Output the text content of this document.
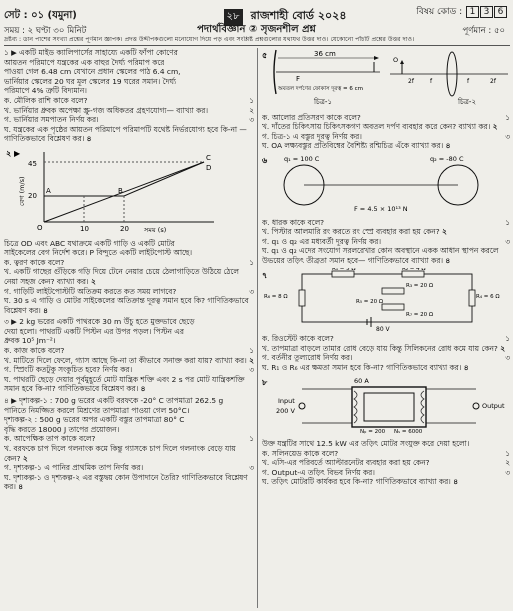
সেট : ০১ (যমুনা)	২৮ রাজশাহী বোর্ড ২০২৪	বিষয় কোড : 1 3 6
সময় : ২ ঘণ্টা ৩০ মিনিট	পদার্থবিজ্ঞান ② সৃজনশীল প্রশ্ন	পূর্ণমান : ৫০
দ্রষ্টব্য : ডান পাশের সংখ্যা প্রশ্নের পূর্ণমান জ্ঞাপক। প্রদত্ত উদ্দীপকগুলো মনোযোগ দিয়ে পড় এবং সংশ্লিষ্ট প্রশ্নগুলোর যথাযথ উত্তর দাও। যেকোনো পাঁচটি প্রশ্নের উত্তর দাও।
১ ▶ একটি মাইড ক্যালিপার্সের সাহায্যে একটি ফাঁপা কোণের
আয়তন পরিমাপে যন্ত্রকের এক বাহুর দৈর্ঘ্য পরিমাপ করে
পাওয়া গেল 6.48 cm যেখানে প্রধান স্কেলের পাঠ 6.4 cm,
ভার্নিয়ার স্কেলের 20 ঘর মূল স্কেলের 19 ঘরের সমান। দৈর্ঘ্য
পরিমাপে 4% ত্রুটি বিদ্যমান।
ক. মৌলিক রাশি কাকে বলে?	১
খ. ভার্নিয়ার ধ্রুবক অপেক্ষা স্ক্রু-গজ অধিকতর গ্রহণযোগ্য— ব্যাখ্যা কর।	২
গ. ভার্নিয়ার সমপাতন নির্ণয় কর।	৩
ঘ. যন্ত্রকের এক পৃষ্ঠের আয়তন পরিমাপে পরিমাপটি যথেষ্ট নির্ভরযোগ্য হবে কি-না — গাণিতিকভাবে বিশ্লেষণ কর। ৪
২ ▶
45
20
বেগ (m/s)	A	B
C
D
O	10	20 সময় (s)
চিত্রে OD এবং ABC যথাক্রমে একটি গাড়ি ও একটি মোটর
সাইকেলের বেগ নির্দেশ করে। P বিন্দুতে একটি লাইটপোস্ট আছে।
ক. ত্বরণ কাকে বলে?	১
খ. একটি গাছের গুঁড়িকে গড়ি দিয়ে টেনে নেয়ার চেয়ে ঠেলাগাড়িতে উঠিয়ে ঠেলে নেয়া সহজ কেন? ব্যাখ্যা কর। ২
গ. গাড়িটি লাইটপোস্টটি অতিক্রম করতে কত সময় লাগবে?	৩
ঘ. 30 s এ গাড়ি ও মোটর সাইকেলের অতিক্রান্ত দূরত্ব সমান হবে কি? গাণিতিকভাবে বিশ্লেষণ কর। ৪
৩ ▶ 2 kg ভরের একটি পাথরকে 30 m উঁচু হতে মুক্তভাবে ছেড়ে
দেয়া হলো। পাথরটি একটি পিস্টন এর উপর পড়ল। পিস্টন এর
ধ্রুবক 10⁵ Jm⁻²।
ক. কাজ কাকে বলে?	১
খ. মাটিতে দিলে ফেলে, গ্যাস আছে কি-না তা কীভাবে সনাক্ত করা যায়? ব্যাখ্যা কর। ২
গ. স্প্রিংটি কতটুকু সংকুচিত হবে? নির্ণয় কর।	৩
ঘ. পাথরটি ছেড়ে দেয়ার পূর্বমুহূর্তে মোট যান্ত্রিক শক্তি এবং 2 s পর মোট যান্ত্রিকশক্তি সমান হবে কি-না? গাণিতিকভাবে বিশ্লেষণ কর। ৪
৪ ▶ দৃশ্যকল্প-১ : 700 g ভরের একটি বরফকে -20° C তাপমাত্রা 262.5 g
পানিতে নিমজ্জিত করলে মিশ্রণের তাপমাত্রা পাওয়া গেল 50°C।
দৃশ্যকল্প-২ : 500 g ভরের অপর একটি বস্তুর তাপমাত্রা 80° C
বৃদ্ধি করতে 18000 J তাপের প্রয়োজন।
ক. আপেক্ষিক তাপ কাকে বলে?	১
খ. বরফকে চাপ দিলে গলনাংক কমে কিন্তু গ্যাসকে চাপ দিলে গলনাংক বেড়ে যায় কেন? ২
গ. দৃশ্যকল্প-১ এ পানির প্রাথমিক তাপ নির্ণয় কর।	৩
ঘ. দৃশ্যকল্প-১ ও দৃশ্যকল্প-২ এর বস্তুদ্বয় কোন উপাদানে তৈরি? গাণিতিকভাবে বিশ্লেষণ কর। ৪
৫	36 cm
F
অবতল দর্পণের ফোকাস দূরত্ব = 6 cm
চিত্র-১
O
2f	f	f	2f
চিত্র-২
ক. আলোর প্রতিসরণ কাকে বলে?	১
খ. দাঁতের চিকিৎসায় চিকিৎসকগণ অবতল দর্পণ ব্যবহার করে কেন? ব্যাখ্যা কর। ২
গ. চিত্র-১ এ বস্তুর দূরত্ব নির্ণয় কর।	৩
ঘ. OA লক্ষ্যবস্তুর প্রতিবিম্বের বৈশিষ্ট্য রশ্মিচিত্র এঁকে ব্যাখ্যা কর। ৪
৬	q₁ = 100 C	q₂ = -80 C
F = 4.5 × 10¹³ N
ক. ধারক কাকে বলে?	১
খ. পিস্টার আলমারি রং করতে রং স্প্রে ব্যবহার করা হয় কেন? ২
গ. q₁ ও q₂ এর মধ্যবর্তী দূরত্ব নির্ণয় কর।	৩
ঘ. q₁ ও q₂ এদের সংযোগ সরলরেখার কোন অবস্থানে একক আধান স্থাপন করলে উভয়ের তড়িৎ তীব্রতা সমান হবে— গাণিতিকভাবে ব্যাখ্যা কর। ৪
৭
R₁ = 5 Ω	R₂ = 4 Ω
R₃ = 20 Ω
R₄ = 6 Ω
R₅ = 20 Ω
R₆ = 8 Ω
R₇ = 20 Ω
80 V
ক. রিওস্টেট কাকে বলে?	১
খ. তাপমাত্রা বাড়লে তামার রোধ বেড়ে যায় কিন্তু সিলিকনের রোধ কমে যায় কেন? ২
গ. বর্তনীর তুল্যরোধ নির্ণয় কর।	৩
ঘ. R₁ ও R₆ এর ক্ষমতা সমান হবে কি-না? গাণিতিকভাবে ব্যাখ্যা কর। ৪
৮	60 A
Input
200 V
Output
Nₚ = 200 Nₛ = 6000
উক্ত যন্ত্রটির সাথে 12.5 kW এর তড়িৎ মোটর সংযুক্ত করে দেয়া হলো।
ক. সলিনয়েড কাকে বলে?	১
খ. এসি-এর পরিবর্তে অ্যাল্টারনেটর ব্যবহার করা হয় কেন?	২
গ. Output-এ তড়িৎ বিভব নির্ণয় কর।	৩
ঘ. তড়িৎ মোটরটি কার্যকর হবে কি-না? গাণিতিকভাবে ব্যাখ্যা কর। ৪
